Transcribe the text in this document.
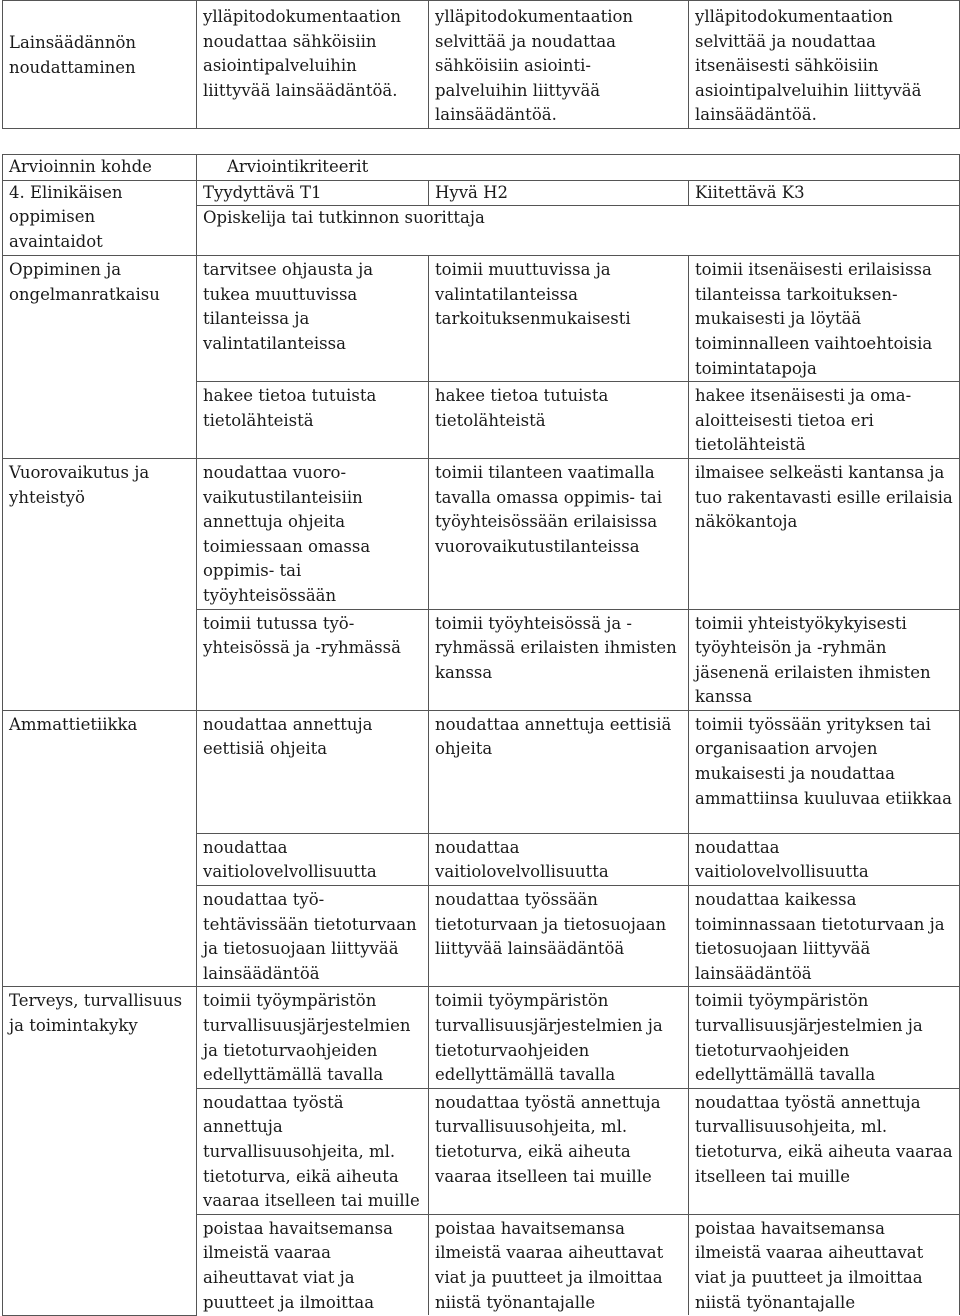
Lainsäädännön noudattaminen	ylläpitodokumentaation noudattaa sähköisiin asiointipalveluihin liittyvää lainsäädäntöä.	ylläpitodokumentaation selvittää ja noudattaa sähköisiin asiointi-palveluihin liittyvää lainsäädäntöä.	ylläpitodokumentaation selvittää ja noudattaa itsenäisesti sähköisiin asiointipalveluihin liittyvää lainsäädäntöä.
Arvioinnin kohde	Arviointikriteerit		
4. Elinikäisen oppimisen avaintaidot	Tyydyttävä T1	Hyvä H2	Kiitettävä K3
	Opiskelija tai tutkinnon suorittaja		
Oppiminen ja ongelmanratkaisu	tarvitsee ohjausta ja tukea muuttuvissa tilanteissa ja valintatilanteissa	toimii muuttuvissa ja valintatilanteissa tarkoituksenmukaisesti	toimii itsenäisesti erilaisissa tilanteissa tarkoituksen-mukaisesti ja löytää toiminnalleen vaihtoehtoisia toimintatapoja
	hakee tietoa tutuista tietolähteistä	hakee tietoa tutuista tietolähteistä	hakee itsenäisesti ja oma-aloitteisesti tietoa eri tietolähteistä
Vuorovaikutus ja yhteistyö	noudattaa vuoro-vaikutustilanteisiin annettuja ohjeita toimiessaan omassa oppimis- tai työyhteisössään	toimii tilanteen vaatimalla tavalla omassa oppimis- tai työyhteisössään erilaisissa vuorovaikutustilanteissa	ilmaisee selkeästi kantansa ja tuo rakentavasti esille erilaisia näkökantoja
	toimii tutussa työ-yhteisössä ja -ryhmässä	toimii työyhteisössä ja -ryhmässä erilaisten ihmisten kanssa	toimii yhteistyökykyisesti työyhteisön ja -ryhmän jäsenenä erilaisten ihmisten kanssa
Ammattietiikka	noudattaa annettuja eettisiä ohjeita	noudattaa annettuja eettisiä ohjeita	toimii työssään yrityksen tai organisaation arvojen mukaisesti ja noudattaa ammattiinsa kuuluvaa etiikkaa
	noudattaa vaitiolovelvollisuutta	noudattaa vaitiolovelvollisuutta	noudattaa vaitiolovelvollisuutta
	noudattaa työ-tehtävissään tietoturvaan ja tietosuojaan liittyvää lainsäädäntöä	noudattaa työssään tietoturvaan ja tietosuojaan liittyvää lainsäädäntöä	noudattaa kaikessa toiminnassaan tietoturvaan ja tietosuojaan liittyvää lainsäädäntöä
Terveys, turvallisuus ja toimintakyky	toimii työympäristön turvallisuusjärjestelmien ja tietoturvaohjeiden edellyttämällä tavalla	toimii työympäristön turvallisuusjärjestelmien ja tietoturvaohjeiden edellyttämällä tavalla	toimii työympäristön turvallisuusjärjestelmien ja tietoturvaohjeiden edellyttämällä tavalla
	noudattaa työstä annettuja turvallisuusohjeita, ml. tietoturva, eikä aiheuta vaaraa itselleen tai muille	noudattaa työstä annettuja turvallisuusohjeita, ml. tietoturva, eikä aiheuta vaaraa itselleen tai muille	noudattaa työstä annettuja turvallisuusohjeita, ml. tietoturva, eikä aiheuta vaaraa itselleen tai muille
	poistaa havaitsemansa ilmeistä vaaraa aiheuttavat viat ja puutteet ja ilmoittaa	poistaa havaitsemansa ilmeistä vaaraa aiheuttavat viat ja puutteet ja ilmoittaa niistä työnantajalle	poistaa havaitsemansa ilmeistä vaaraa aiheuttavat viat ja puutteet ja ilmoittaa niistä työnantajalle
